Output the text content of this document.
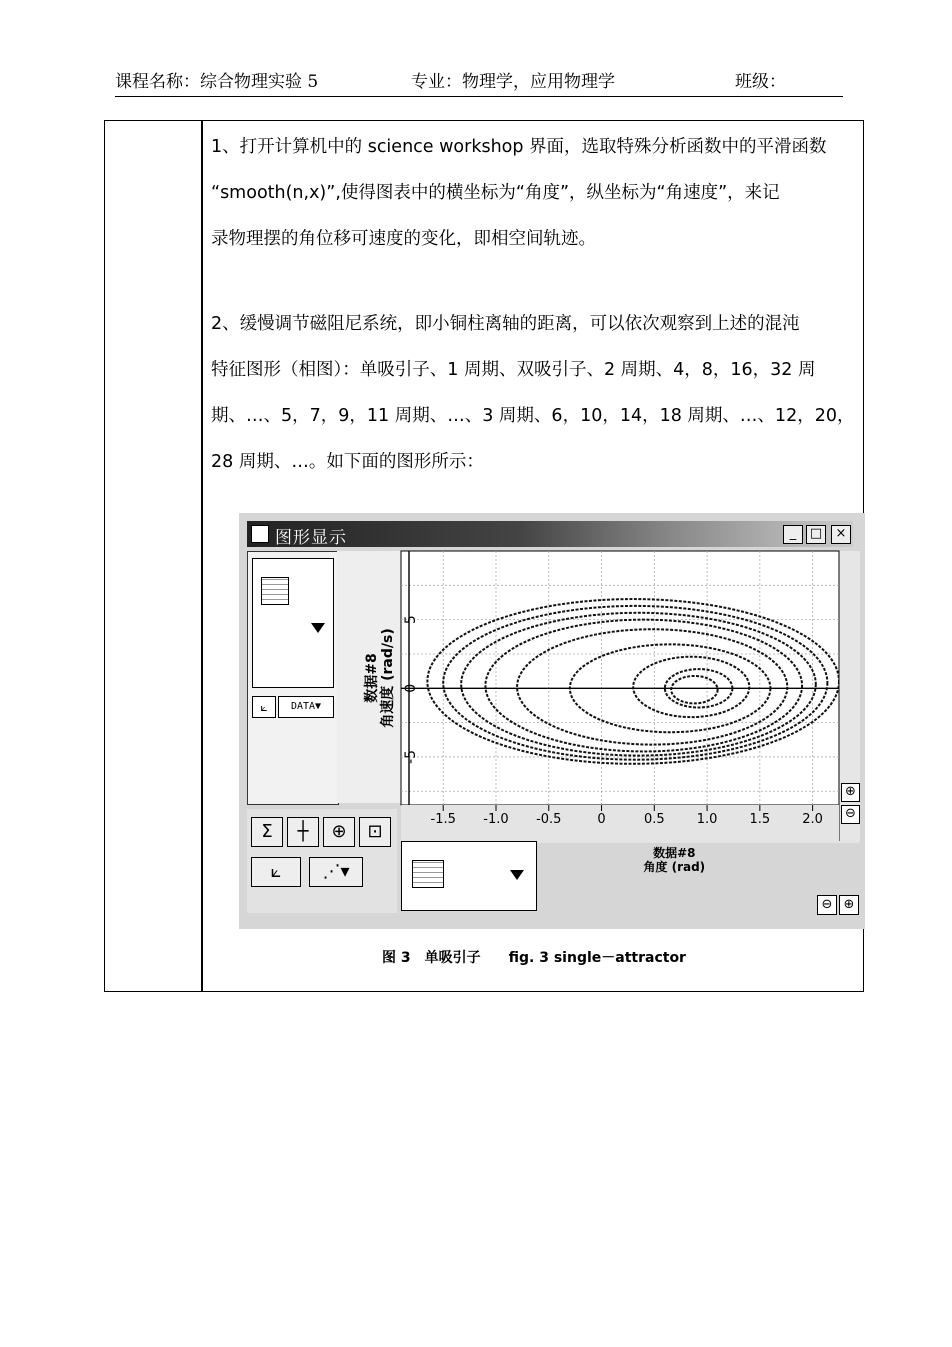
课程名称：综合物理实验 5	专业：物理学，应用物理学	班级：
1、打开计算机中的 science workshop 界面，选取特殊分析函数中的平滑函数
“smooth(n,x)”,使得图表中的横坐标为“角度”，纵坐标为“角速度”，来记
录物理摆的角位移可速度的变化，即相空间轨迹。
2、缓慢调节磁阻尼系统，即小铜柱离轴的距离，可以依次观察到上述的混沌
特征图形（相图）：单吸引子、1 周期、双吸引子、2 周期、4，8，16，32 周
期、…、5，7，9，11 周期、…、3 周期、6，10，14，18 周期、…、12，20，
28 周期、…。如下面的图形所示：
图形显示	_	□	×
⟀	DATA▼
数据#8 角速度 (rad/s)
5
0
-5
-1.5 -1.0 -0.5	0	0.5 1.0 1.5 2.0
数据#8
角度 (rad)
⊕
⊖
Σ	┼	⊕	⊡
⟀	⋰▾
⊖ ⊕
图 3　单吸引子　　fig. 3 single－attractor
